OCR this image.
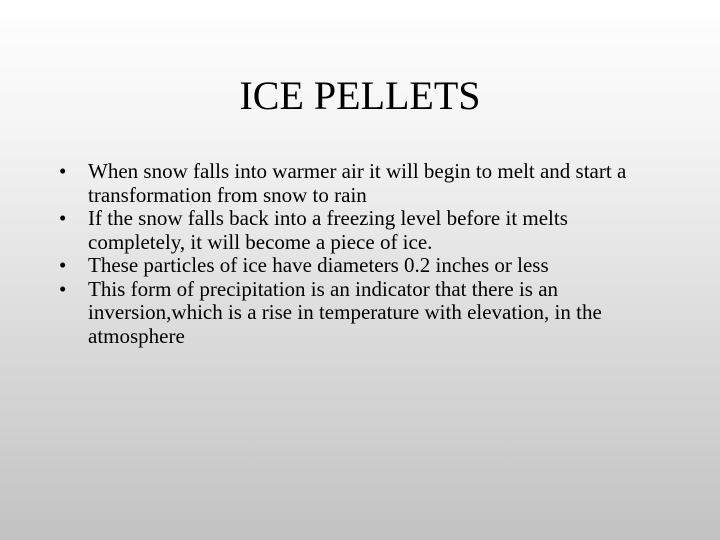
ICE PELLETS
• When snow falls into warmer air it will begin to melt and start a transformation from snow to rain
• If the snow falls back into a freezing level before it melts completely, it will become a piece of ice.
• These particles of ice have diameters 0.2 inches or less
• This form of precipitation is an indicator that there is an inversion,which is a rise in temperature with elevation, in the atmosphere
